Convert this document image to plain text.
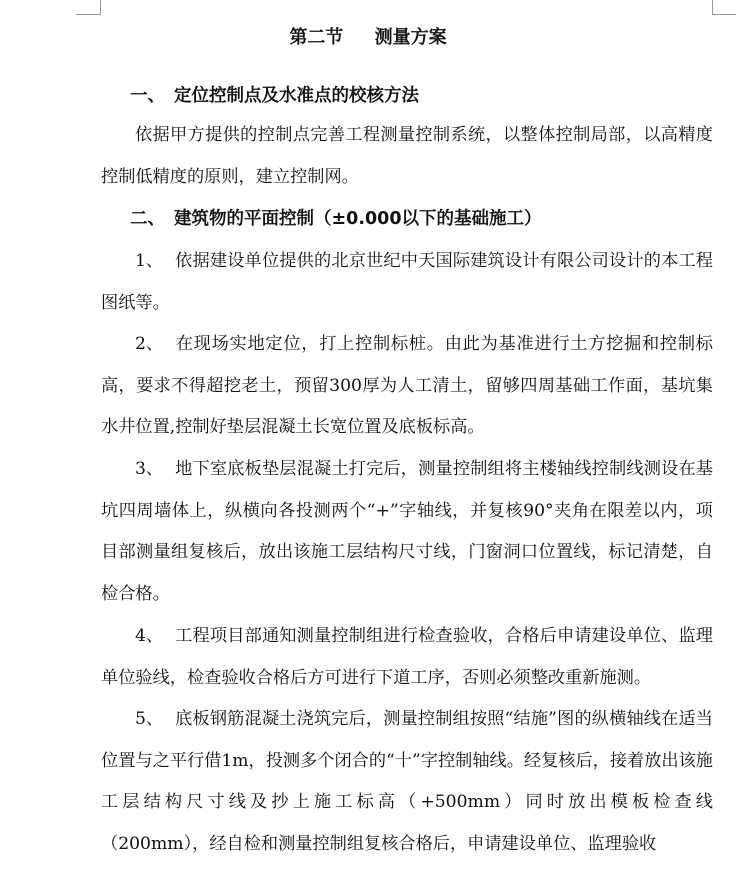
第二节     测量方案
一、 定位控制点及水准点的校核方法

依据甲方提供的控制点完善工程测量控制系统，以整体控制局部，以高精度控制低精度的原则，建立控制网。

二、 建筑物的平面控制（±0.000以下的基础施工）

1、 依据建设单位提供的北京世纪中天国际建筑设计有限公司设计的本工程图纸等。

2、 在现场实地定位，打上控制标桩。由此为基准进行土方挖掘和控制标高，要求不得超挖老土，预留300厚为人工清土，留够四周基础工作面，基坑集水井位置,控制好垫层混凝土长宽位置及底板标高。

3、 地下室底板垫层混凝土打完后，测量控制组将主楼轴线控制线测设在基坑四周墙体上，纵横向各投测两个“+”字轴线，并复核90°夹角在限差以内，项目部测量组复核后，放出该施工层结构尺寸线，门窗洞口位置线，标记清楚，自检合格。

4、 工程项目部通知测量控制组进行检查验收，合格后申请建设单位、监理单位验线，检查验收合格后方可进行下道工序，否则必须整改重新施测。

5、 底板钢筋混凝土浇筑完后，测量控制组按照“结施”图的纵横轴线在适当位置与之平行借1m，投测多个闭合的“十”字控制轴线。经复核后，接着放出该施工层结构尺寸线及抄上施工标高（+500mm）同时放出模板检查线（200mm），经自检和测量控制组复核合格后，申请建设单位、监理验收
